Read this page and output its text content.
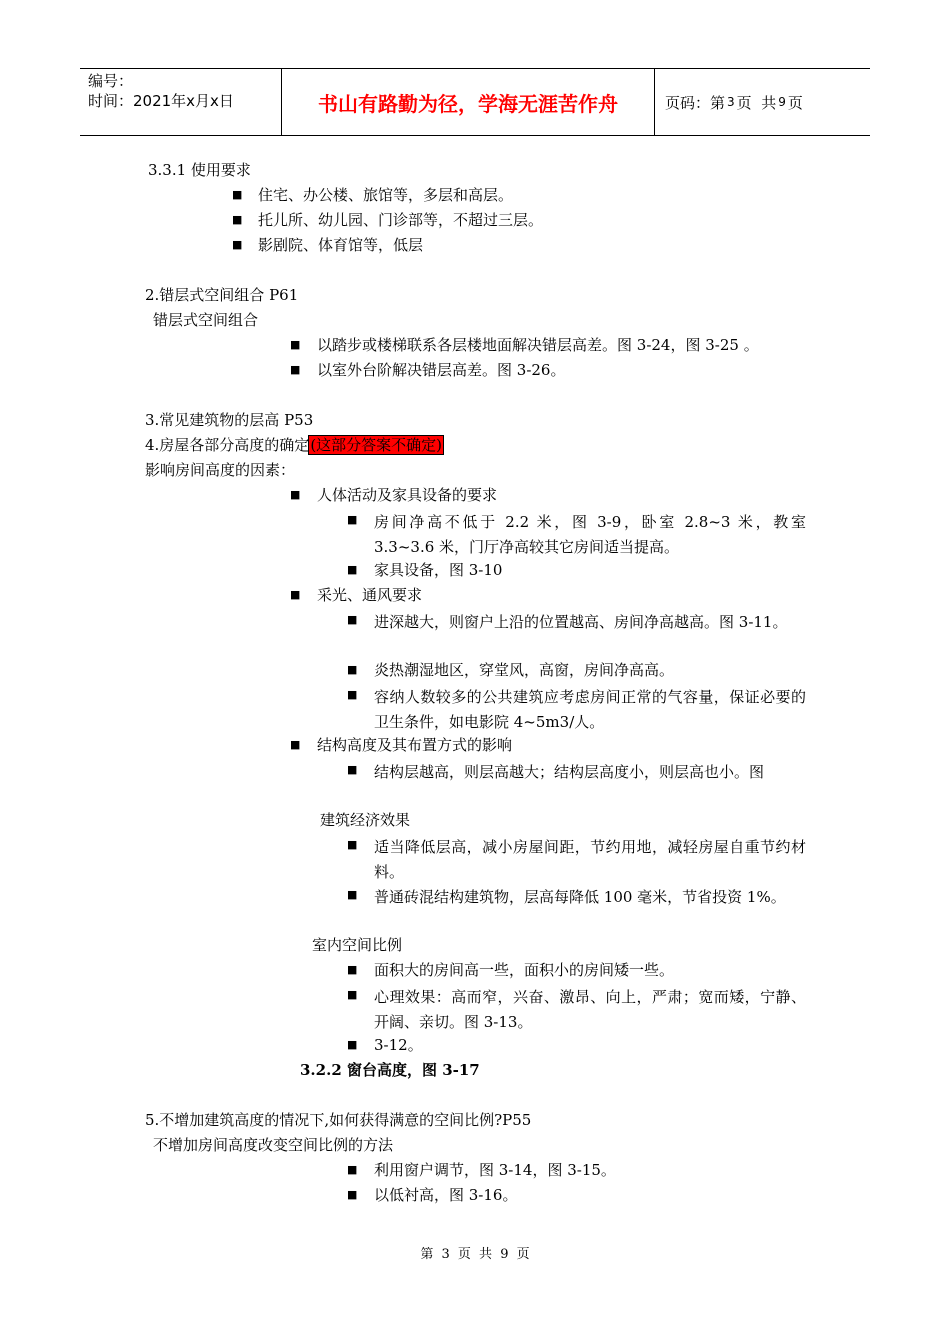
编号：
时间：2021年x月x日	书山有路勤为径，学海无涯苦作舟	页码：第 3 页  共 9 页
3.3.1 使用要求
■ 住宅、办公楼、旅馆等，多层和高层。
■ 托儿所、幼儿园、门诊部等，不超过三层。
■ 影剧院、体育馆等，低层
2.错层式空间组合 P61
错层式空间组合
■ 以踏步或楼梯联系各层楼地面解决错层高差。图 3-24，图 3-25 。
■ 以室外台阶解决错层高差。图 3-26。
3.常见建筑物的层高 P53
4.房屋各部分高度的确定(这部分答案不确定)
影响房间高度的因素：
■ 人体活动及家具设备的要求
■ 房间净高不低于 2.2 米，图 3-9，卧室 2.8~3 米，教室 3.3~3.6 米，门厅净高较其它房间适当提高。
■ 家具设备，图 3-10
■ 采光、通风要求
■ 进深越大，则窗户上沿的位置越高、房间净高越高。图 3-11。
■ 炎热潮湿地区，穿堂风，高窗，房间净高高。
■ 容纳人数较多的公共建筑应考虑房间正常的气容量，保证必要的卫生条件，如电影院 4~5m3/人。
■ 结构高度及其布置方式的影响
■ 结构层越高，则层高越大；结构层高度小，则层高也小。图
建筑经济效果
■ 适当降低层高，减小房屋间距，节约用地，减轻房屋自重节约材料。
■ 普通砖混结构建筑物，层高每降低 100 毫米，节省投资 1%。
室内空间比例
■ 面积大的房间高一些，面积小的房间矮一些。
■ 心理效果：高而窄，兴奋、激昂、向上，严肃；宽而矮，宁静、开阔、亲切。图 3-13。
■ 3-12。
3.2.2 窗台高度，图 3-17
5.不增加建筑高度的情况下,如何获得满意的空间比例?P55
不增加房间高度改变空间比例的方法
■ 利用窗户调节，图 3-14，图 3-15。
■ 以低衬高，图 3-16。
第 3 页 共 9 页
